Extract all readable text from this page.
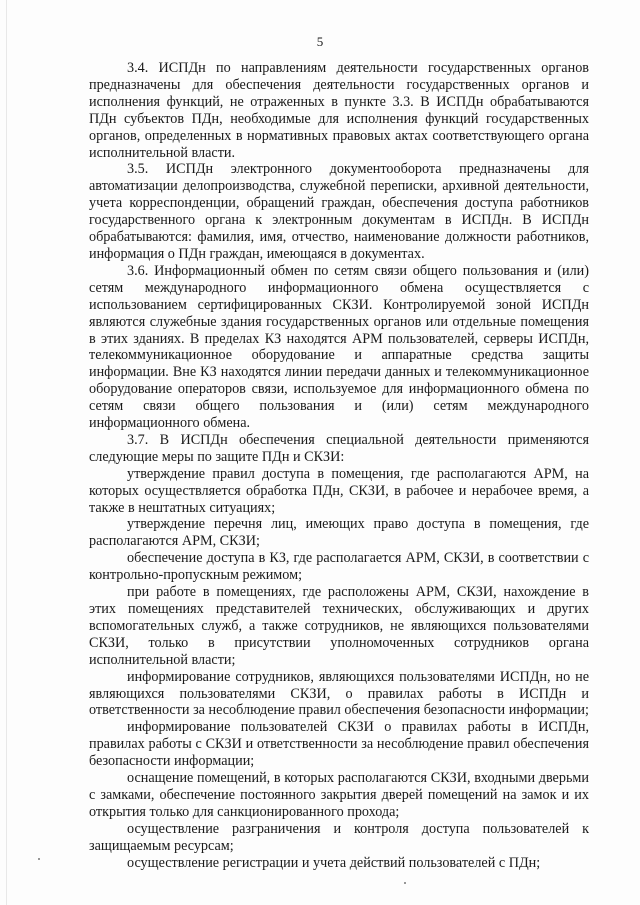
5

3.4. ИСПДн по направлениям деятельности государственных органов предназначены для обеспечения деятельности государственных органов и исполнения функций, не отраженных в пункте 3.3. В ИСПДн обрабатываются ПДн субъектов ПДн, необходимые для исполнения функций государственных органов, определенных в нормативных правовых актах соответствующего органа исполнительной власти.

3.5. ИСПДн электронного документооборота предназначены для автоматизации делопроизводства, служебной переписки, архивной деятельности, учета корреспонденции, обращений граждан, обеспечения доступа работников государственного органа к электронным документам в ИСПДн. В ИСПДн обрабатываются: фамилия, имя, отчество, наименование должности работников, информация о ПДн граждан, имеющаяся в документах.

3.6. Информационный обмен по сетям связи общего пользования и (или) сетям международного информационного обмена осуществляется с использованием сертифицированных СКЗИ. Контролируемой зоной ИСПДн являются служебные здания государственных органов или отдельные помещения в этих зданиях. В пределах КЗ находятся АРМ пользователей, серверы ИСПДн, телекоммуникационное оборудование и аппаратные средства защиты информации. Вне КЗ находятся линии передачи данных и телекоммуникационное оборудование операторов связи, используемое для информационного обмена по сетям связи общего пользования и (или) сетям международного информационного обмена.

3.7. В ИСПДн обеспечения специальной деятельности применяются следующие меры по защите ПДн и СКЗИ:

утверждение правил доступа в помещения, где располагаются АРМ, на которых осуществляется обработка ПДн, СКЗИ, в рабочее и нерабочее время, а также в нештатных ситуациях;

утверждение перечня лиц, имеющих право доступа в помещения, где располагаются АРМ, СКЗИ;

обеспечение доступа в КЗ, где располагается АРМ, СКЗИ, в соответствии с контрольно-пропускным режимом;

при работе в помещениях, где расположены АРМ, СКЗИ, нахождение в этих помещениях представителей технических, обслуживающих и других вспомогательных служб, а также сотрудников, не являющихся пользователями СКЗИ, только в присутствии уполномоченных сотрудников органа исполнительной власти;

информирование сотрудников, являющихся пользователями ИСПДн, но не являющихся пользователями СКЗИ, о правилах работы в ИСПДн и ответственности за несоблюдение правил обеспечения безопасности информации;

информирование пользователей СКЗИ о правилах работы в ИСПДн, правилах работы с СКЗИ и ответственности за несоблюдение правил обеспечения безопасности информации;

оснащение помещений, в которых располагаются СКЗИ, входными дверьми с замками, обеспечение постоянного закрытия дверей помещений на замок и их открытия только для санкционированного прохода;

осуществление разграничения и контроля доступа пользователей к защищаемым ресурсам;

осуществление регистрации и учета действий пользователей с ПДн;
